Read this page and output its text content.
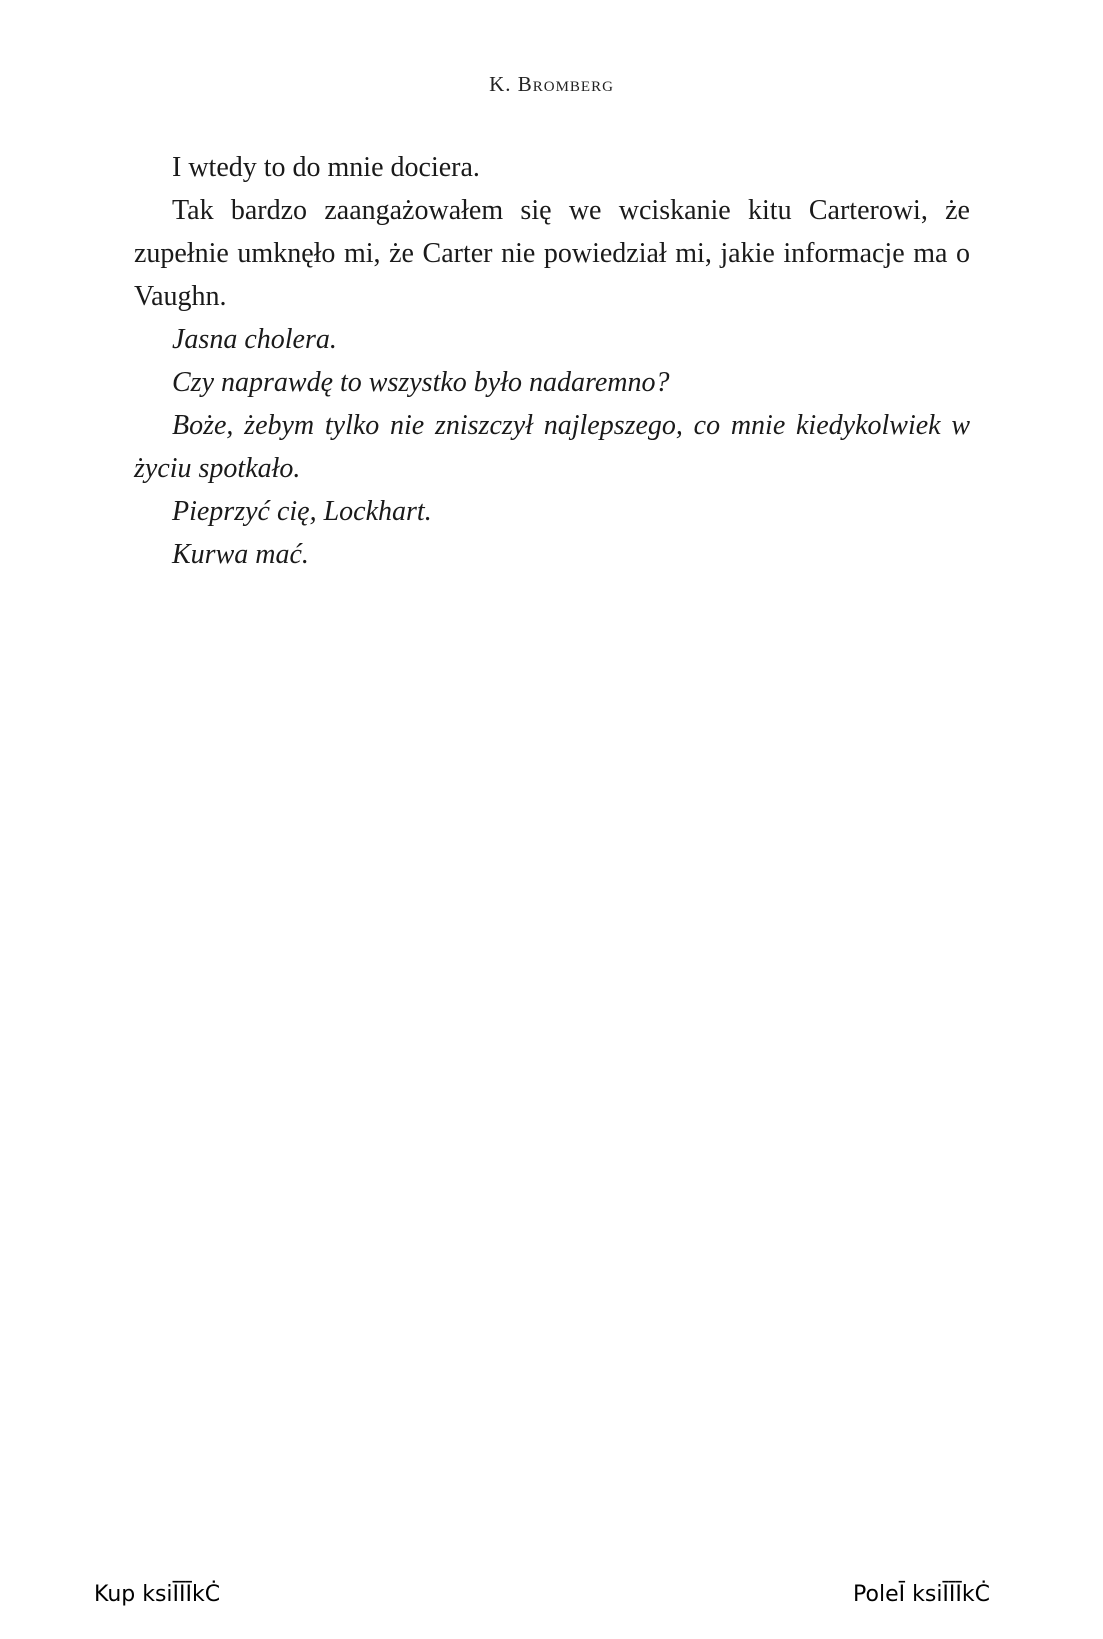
K. Bromberg

I wtedy to do mnie dociera.

Tak bardzo zaangażowałem się we wciskanie kitu Carterowi, że zupełnie umknęło mi, że Carter nie powiedział mi, jakie informacje ma o Vaughn.

Jasna cholera.

Czy naprawdę to wszystko było nadaremno?

Boże, żebym tylko nie zniszczył najlepszego, co mnie kiedykolwiek w życiu spotkało.

Pieprzyć cię, Lockhart.

Kurwa mać.

Kup ksiĪĪĪkĊ	PoleĪ ksiĪĪĪkĊ
